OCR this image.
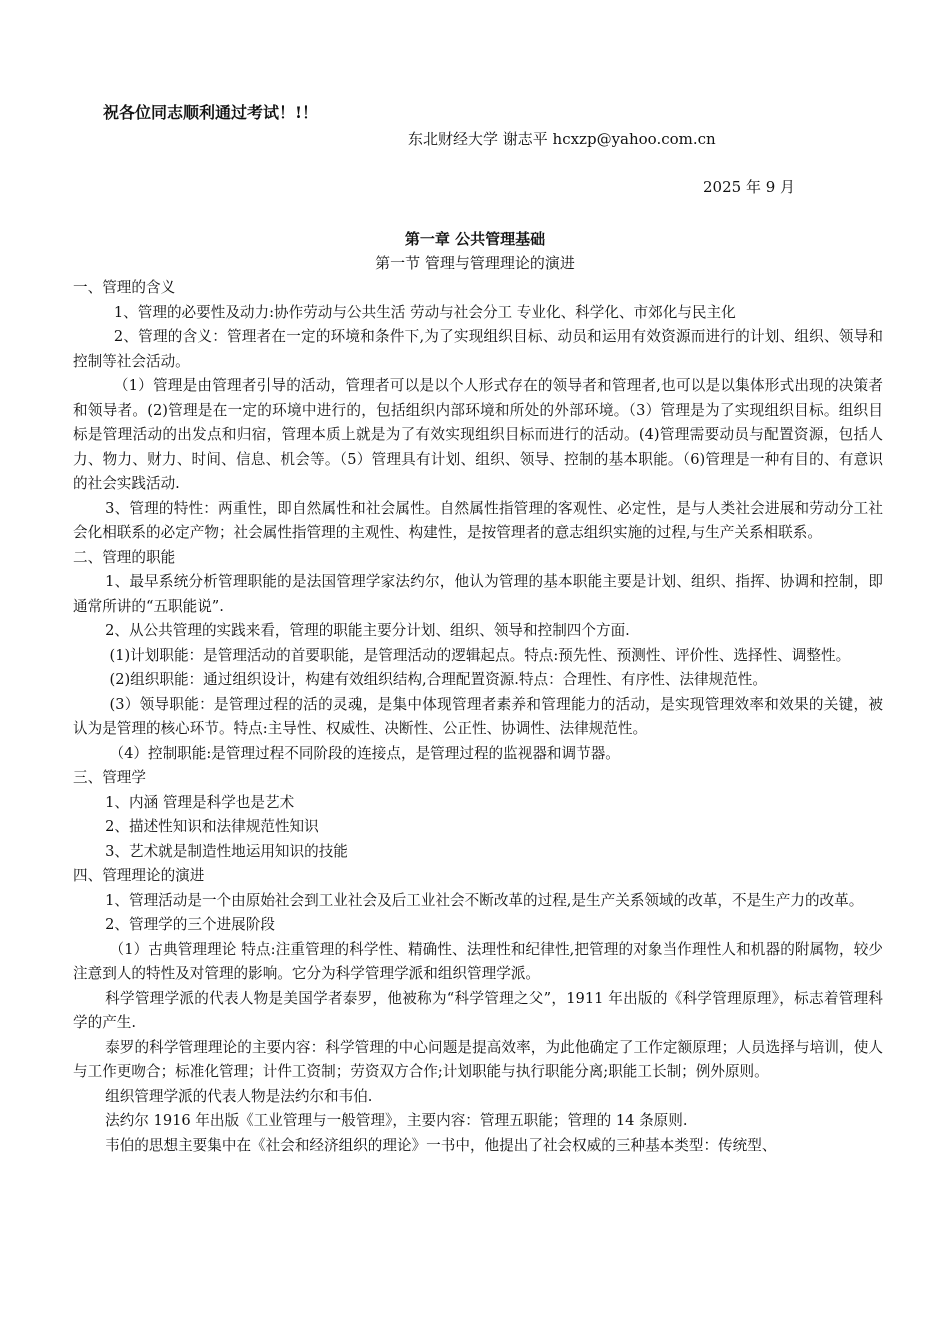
祝各位同志顺利通过考试！!！
东北财经大学 谢志平 hcxzp@yahoo.com.cn
2025 年 9 月
第一章 公共管理基础
第一节 管理与管理理论的演进

一、管理的含义

1、管理的必要性及动力:协作劳动与公共生活 劳动与社会分工 专业化、科学化、市郊化与民主化

2、管理的含义：管理者在一定的环境和条件下,为了实现组织目标、动员和运用有效资源而进行的计划、组织、领导和控制等社会活动。

（1）管理是由管理者引导的活动，管理者可以是以个人形式存在的领导者和管理者,也可以是以集体形式出现的决策者和领导者。(2)管理是在一定的环境中进行的，包括组织内部环境和所处的外部环境。（3）管理是为了实现组织目标。组织目标是管理活动的出发点和归宿，管理本质上就是为了有效实现组织目标而进行的活动。(4)管理需要动员与配置资源，包括人力、物力、财力、时间、信息、机会等。（5）管理具有计划、组织、领导、控制的基本职能。（6)管理是一种有目的、有意识的社会实践活动.

3、管理的特性：两重性，即自然属性和社会属性。自然属性指管理的客观性、必定性，是与人类社会进展和劳动分工社会化相联系的必定产物；社会属性指管理的主观性、构建性，是按管理者的意志组织实施的过程,与生产关系相联系。

二、管理的职能

1、最早系统分析管理职能的是法国管理学家法约尔，他认为管理的基本职能主要是计划、组织、指挥、协调和控制，即通常所讲的“五职能说”.

2、从公共管理的实践来看，管理的职能主要分计划、组织、领导和控制四个方面.

(1)计划职能：是管理活动的首要职能，是管理活动的逻辑起点。特点:预先性、预测性、评价性、选择性、调整性。

(2)组织职能：通过组织设计，构建有效组织结构,合理配置资源.特点：合理性、有序性、法律规范性。

(3）领导职能：是管理过程的活的灵魂，是集中体现管理者素养和管理能力的活动，是实现管理效率和效果的关键，被认为是管理的核心环节。特点:主导性、权威性、决断性、公正性、协调性、法律规范性。

（4）控制职能:是管理过程不同阶段的连接点，是管理过程的监视器和调节器。

三、管理学

1、内涵 管理是科学也是艺术

2、描述性知识和法律规范性知识

3、艺术就是制造性地运用知识的技能

四、管理理论的演进

1、管理活动是一个由原始社会到工业社会及后工业社会不断改革的过程,是生产关系领域的改革，不是生产力的改革。

2、管理学的三个进展阶段

（1）古典管理理论 特点:注重管理的科学性、精确性、法理性和纪律性,把管理的对象当作理性人和机器的附属物，较少注意到人的特性及对管理的影响。它分为科学管理学派和组织管理学派。

科学管理学派的代表人物是美国学者泰罗，他被称为“科学管理之父”，1911 年出版的《科学管理原理》，标志着管理科学的产生.

泰罗的科学管理理论的主要内容：科学管理的中心问题是提高效率，为此他确定了工作定额原理；人员选择与培训，使人与工作更吻合；标准化管理；计件工资制；劳资双方合作;计划职能与执行职能分离;职能工长制；例外原则。

组织管理学派的代表人物是法约尔和韦伯.

法约尔 1916 年出版《工业管理与一般管理》，主要内容：管理五职能；管理的 14 条原则.

韦伯的思想主要集中在《社会和经济组织的理论》一书中，他提出了社会权威的三种基本类型：传统型、
